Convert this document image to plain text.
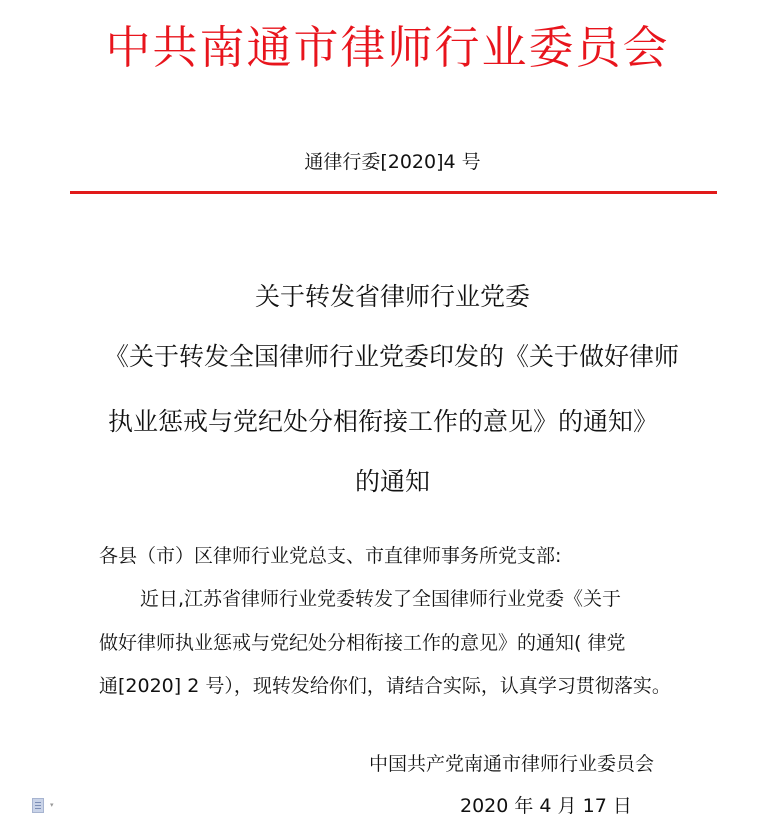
中共南通市律师行业委员会
通律行委[2020]4 号
关于转发省律师行业党委
《关于转发全国律师行业党委印发的《关于做好律师
执业惩戒与党纪处分相衔接工作的意见》的通知》
的通知
各县（市）区律师行业党总支、市直律师事务所党支部:
近日,江苏省律师行业党委转发了全国律师行业党委《关于
做好律师执业惩戒与党纪处分相衔接工作的意见》的通知( 律党
通[2020] 2 号），现转发给你们，请结合实际，认真学习贯彻落实。
中国共产党南通市律师行业委员会
2020 年 4 月 17 日
▾
